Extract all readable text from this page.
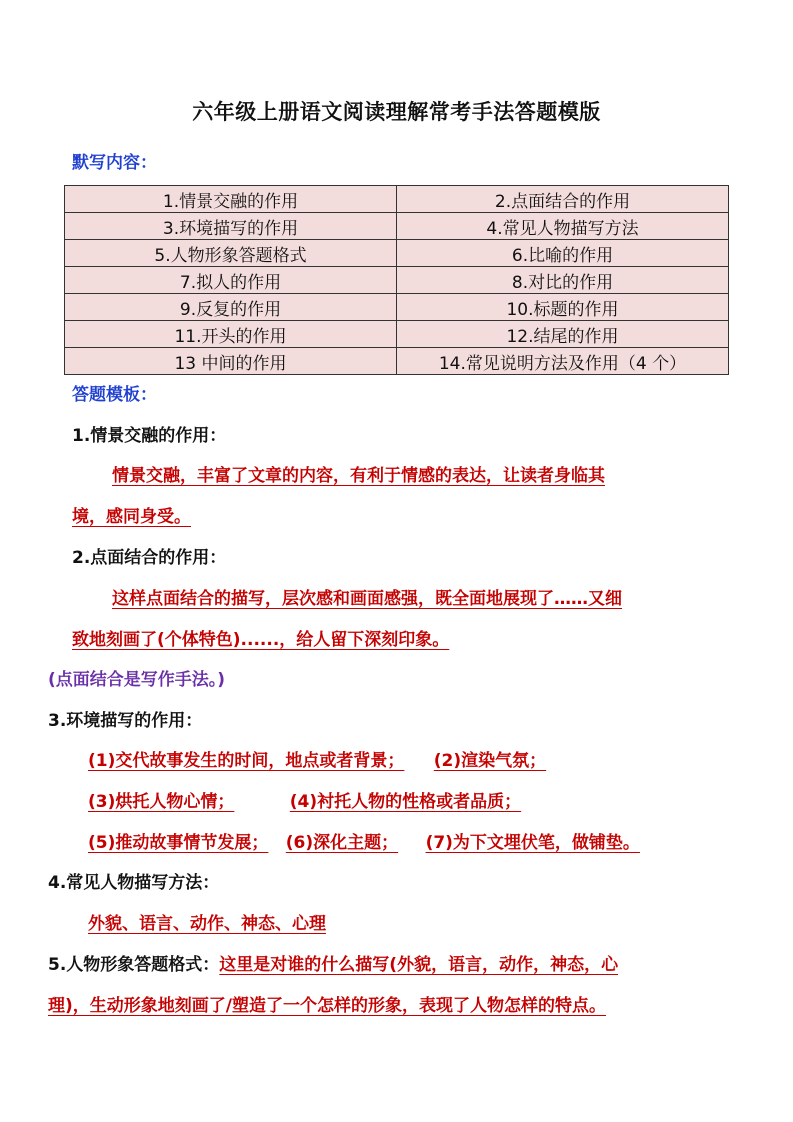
六年级上册语文阅读理解常考手法答题模版
默写内容：
1.情景交融的作用	2.点面结合的作用
3.环境描写的作用	4.常见人物描写方法
5.人物形象答题格式	6.比喻的作用
7.拟人的作用	8.对比的作用
9.反复的作用	10.标题的作用
11.开头的作用	12.结尾的作用
13 中间的作用	14.常见说明方法及作用（4 个）
答题模板：
1.情景交融的作用：
情景交融，丰富了文章的内容，有利于情感的表达，让读者身临其
境，感同身受。
2.点面结合的作用：
这样点面结合的描写，层次感和画面感强，既全面地展现了……又细
致地刻画了(个体特色)......，给人留下深刻印象。
(点面结合是写作手法。)
3.环境描写的作用：
(1)交代故事发生的时间，地点或者背景； (2)渲染气氛；
(3)烘托人物心情；	(4)衬托人物的性格或者品质；
(5)推动故事情节发展； (6)深化主题； (7)为下文埋伏笔，做铺垫。
4.常见人物描写方法：
外貌、语言、动作、神态、心理
5.人物形象答题格式：这里是对谁的什么描写(外貌，语言，动作，神态，心
理)，生动形象地刻画了/塑造了一个怎样的形象，表现了人物怎样的特点。
